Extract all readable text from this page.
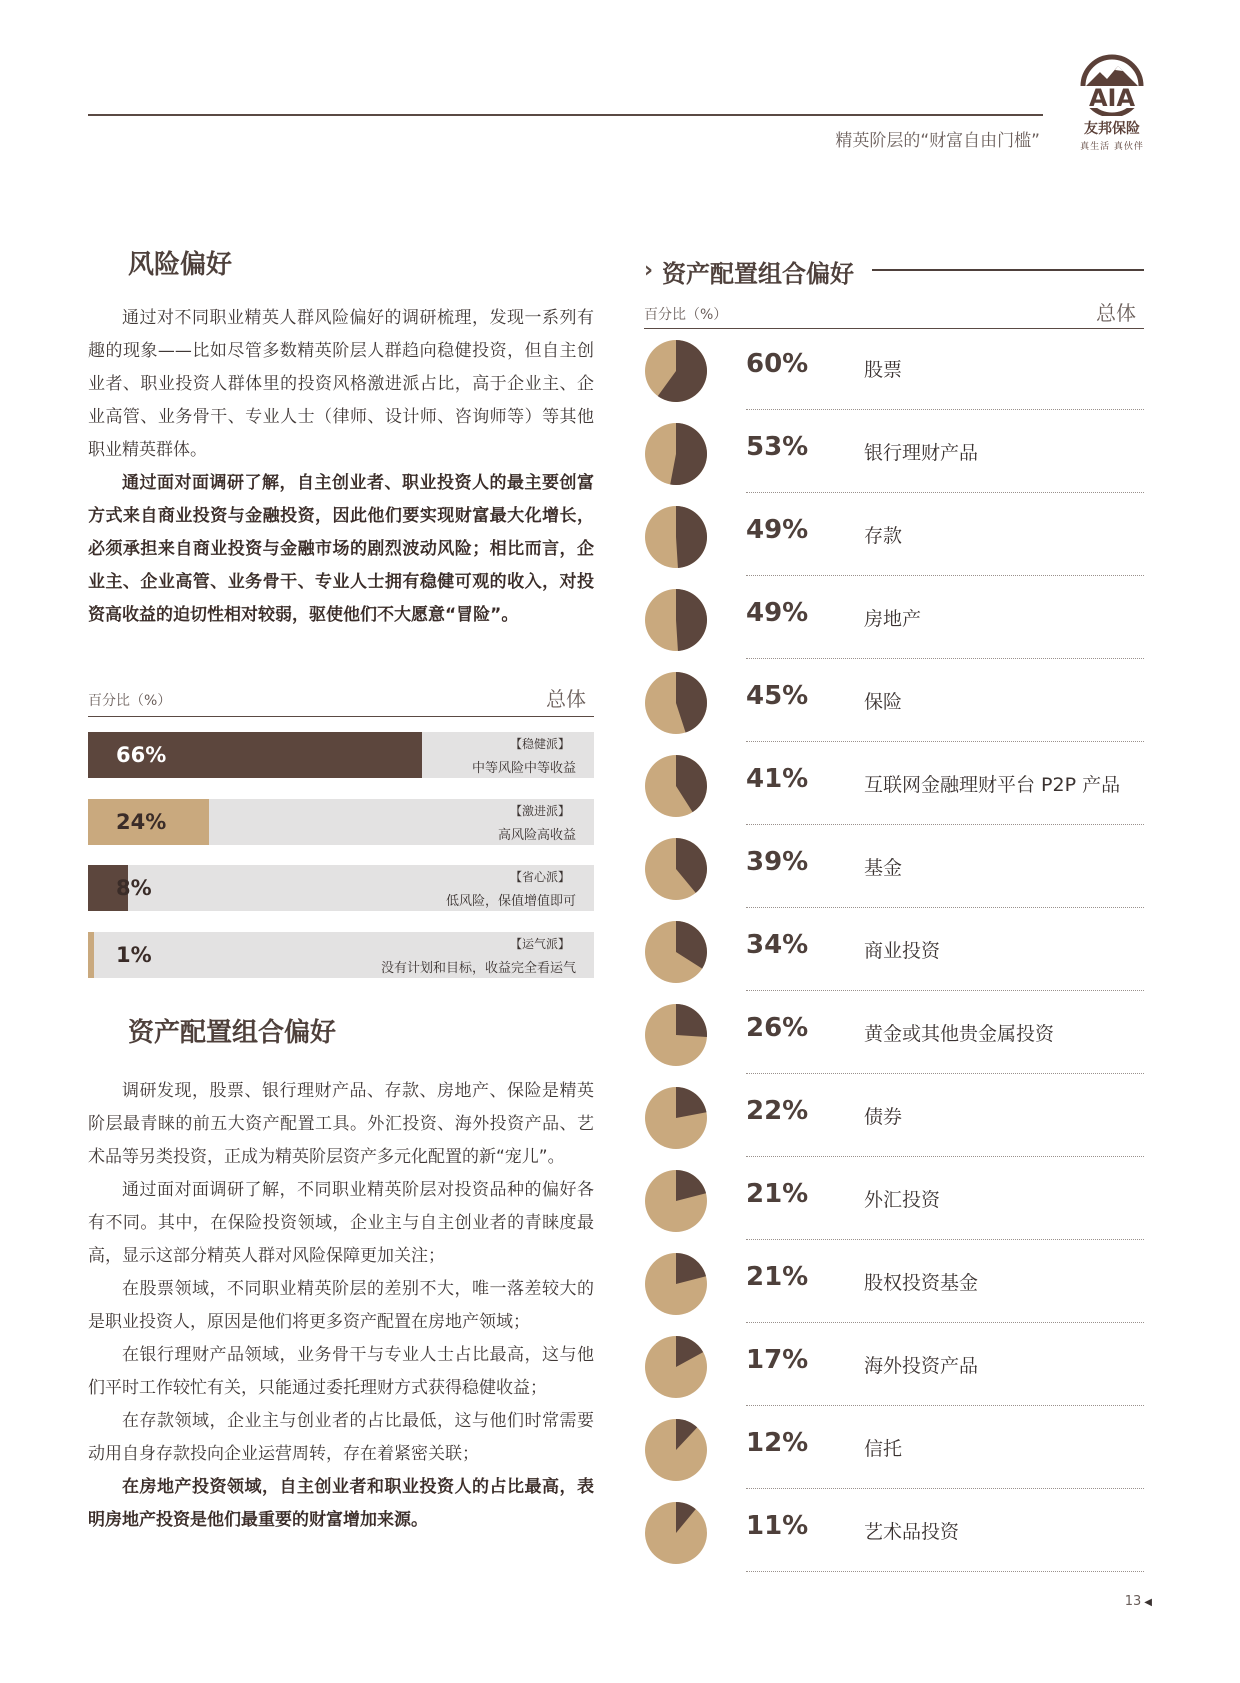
精英阶层的“财富自由门槛”
AIA
友邦保险
真生活 真伙伴
风险偏好

通过对不同职业精英人群风险偏好的调研梳理，发现一系列有趣的现象——比如尽管多数精英阶层人群趋向稳健投资，但自主创业者、职业投资人群体里的投资风格激进派占比，高于企业主、企业高管、业务骨干、专业人士（律师、设计师、咨询师等）等其他职业精英群体。

通过面对面调研了解，自主创业者、职业投资人的最主要创富方式来自商业投资与金融投资，因此他们要实现财富最大化增长，必须承担来自商业投资与金融市场的剧烈波动风险；相比而言，企业主、企业高管、业务骨干、专业人士拥有稳健可观的收入，对投资高收益的迫切性相对较弱，驱使他们不大愿意“冒险”。

百分比（%）	总体
66%	【稳健派】
中等风险中等收益
24%	【激进派】
高风险高收益
8%	【省心派】
低风险，保值增值即可
1%	【运气派】
没有计划和目标，收益完全看运气
资产配置组合偏好

调研发现，股票、银行理财产品、存款、房地产、保险是精英阶层最青睐的前五大资产配置工具。外汇投资、海外投资产品、艺术品等另类投资，正成为精英阶层资产多元化配置的新“宠儿”。

通过面对面调研了解，不同职业精英阶层对投资品种的偏好各有不同。其中，在保险投资领域，企业主与自主创业者的青睐度最高，显示这部分精英人群对风险保障更加关注；

在股票领域，不同职业精英阶层的差别不大，唯一落差较大的是职业投资人，原因是他们将更多资产配置在房地产领域；

在银行理财产品领域，业务骨干与专业人士占比最高，这与他们平时工作较忙有关，只能通过委托理财方式获得稳健收益；

在存款领域，企业主与创业者的占比最低，这与他们时常需要动用自身存款投向企业运营周转，存在着紧密关联；

在房地产投资领域，自主创业者和职业投资人的占比最高，表明房地产投资是他们最重要的财富增加来源。

› 资产配置组合偏好
百分比（%）	总体
60%	股票
53%	银行理财产品
49%	存款
49%	房地产
45%	保险
41%	互联网金融理财平台 P2P 产品
39%	基金
34%	商业投资
26%	黄金或其他贵金属投资
22%	债券
21%	外汇投资
21%	股权投资基金
17%	海外投资产品
12%	信托
11%	艺术品投资
13 ◀
